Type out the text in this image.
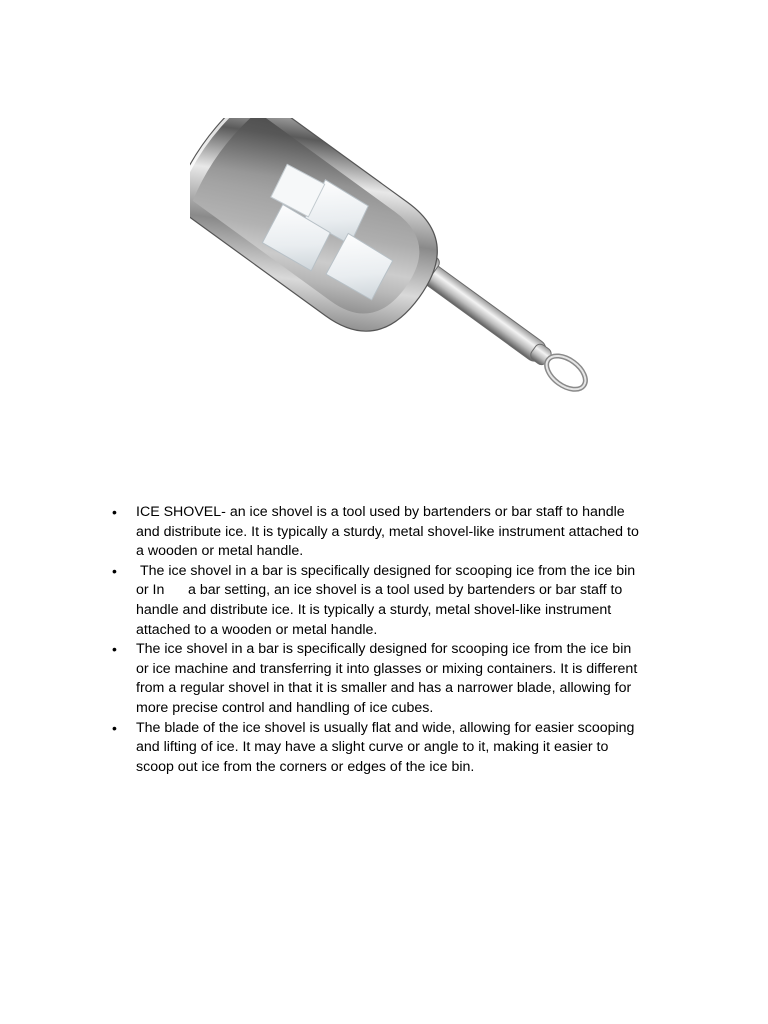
• ICE SHOVEL- an ice shovel is a tool used by bartenders or bar staff to handle
and distribute ice. It is typically a sturdy, metal shovel-like instrument attached to
a wooden or metal handle.
• The ice shovel in a bar is specifically designed for scooping ice from the ice bin
or In      a bar setting, an ice shovel is a tool used by bartenders or bar staff to
handle and distribute ice. It is typically a sturdy, metal shovel-like instrument
attached to a wooden or metal handle.
• The ice shovel in a bar is specifically designed for scooping ice from the ice bin
or ice machine and transferring it into glasses or mixing containers. It is different
from a regular shovel in that it is smaller and has a narrower blade, allowing for
more precise control and handling of ice cubes.
• The blade of the ice shovel is usually flat and wide, allowing for easier scooping
and lifting of ice. It may have a slight curve or angle to it, making it easier to
scoop out ice from the corners or edges of the ice bin.
